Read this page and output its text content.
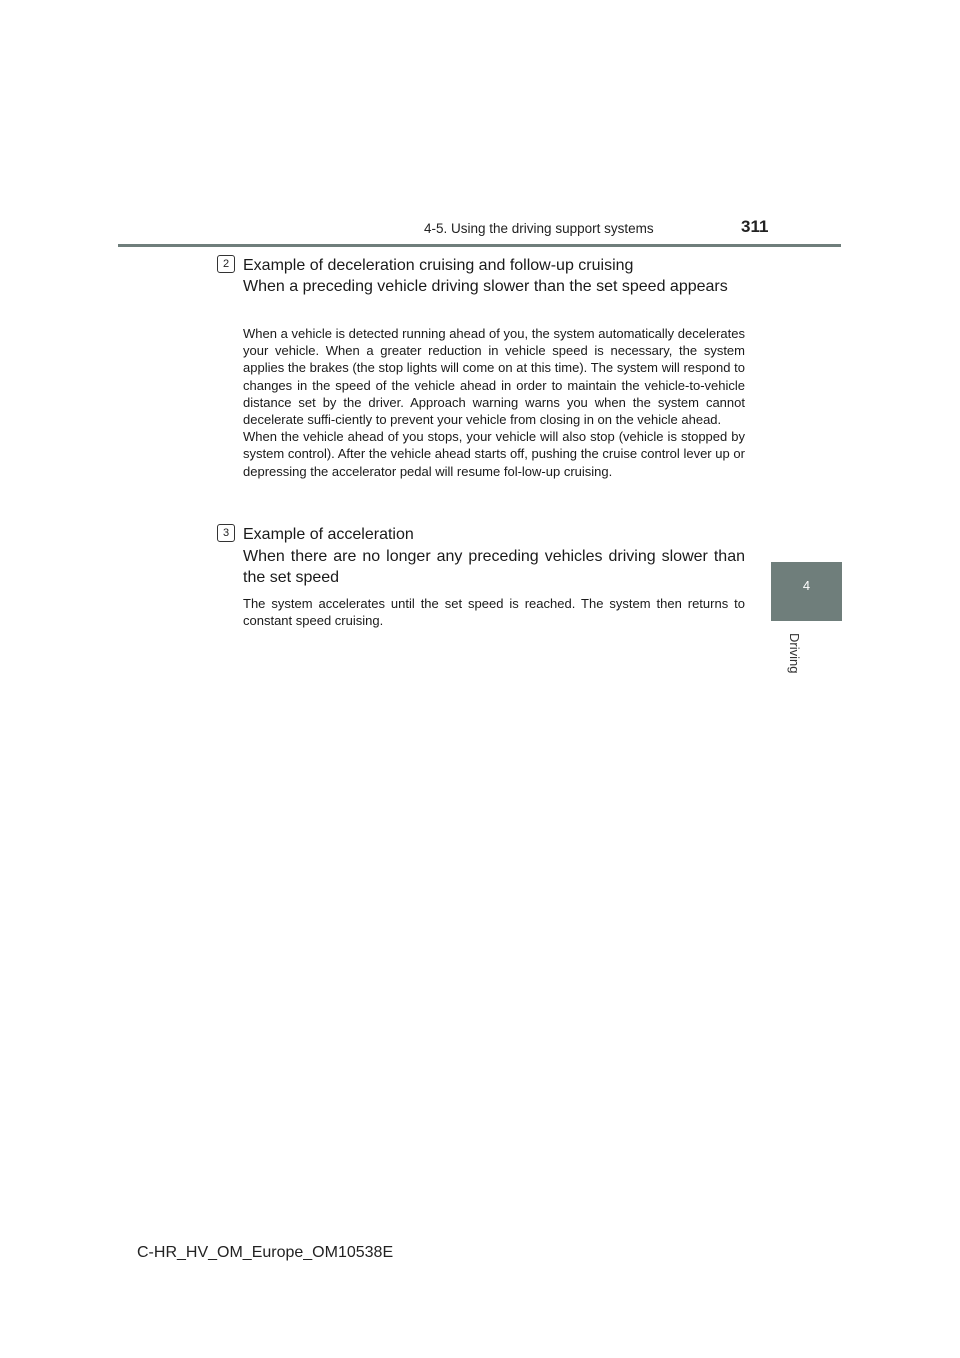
4-5. Using the driving support systems	311
4
Driving
2 Example of deceleration cruising and follow-up cruising
When a preceding vehicle driving slower than the set speed appears

When a vehicle is detected running ahead of you, the system automatically decelerates your vehicle. When a greater reduction in vehicle speed is necessary, the system applies the brakes (the stop lights will come on at this time). The system will respond to changes in the speed of the vehicle ahead in order to maintain the vehicle-to-vehicle distance set by the driver. Approach warning warns you when the system cannot decelerate suffi-ciently to prevent your vehicle from closing in on the vehicle ahead.

When the vehicle ahead of you stops, your vehicle will also stop (vehicle is stopped by system control). After the vehicle ahead starts off, pushing the cruise control lever up or depressing the accelerator pedal will resume fol-low-up cruising.

3 Example of acceleration
When there are no longer any preceding vehicles driving slower than the set speed

The system accelerates until the set speed is reached. The system then returns to constant speed cruising.

C-HR_HV_OM_Europe_OM10538E
